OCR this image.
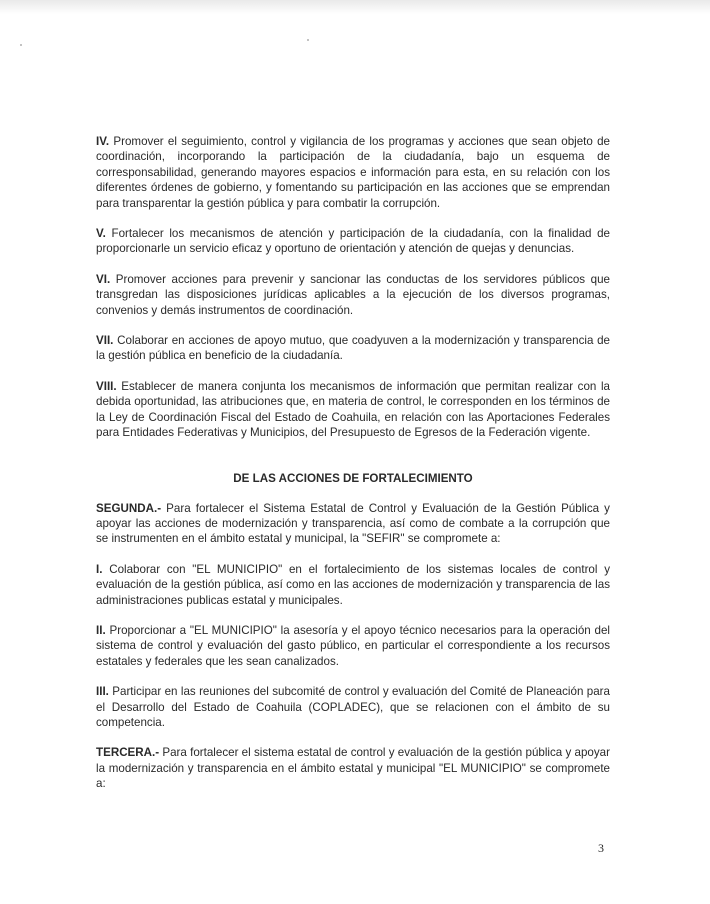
IV. Promover el seguimiento, control y vigilancia de los programas y acciones que sean objeto de coordinación, incorporando la participación de la ciudadanía, bajo un esquema de corresponsabilidad, generando mayores espacios e información para esta, en su relación con los diferentes órdenes de gobierno, y fomentando su participación en las acciones que se emprendan para transparentar la gestión pública y para combatir la corrupción.

V. Fortalecer los mecanismos de atención y participación de la ciudadanía, con la finalidad de proporcionarle un servicio eficaz y oportuno de orientación y atención de quejas y denuncias.

VI. Promover acciones para prevenir y sancionar las conductas de los servidores públicos que transgredan las disposiciones jurídicas aplicables a la ejecución de los diversos programas, convenios y demás instrumentos de coordinación.

VII. Colaborar en acciones de apoyo mutuo, que coadyuven a la modernización y transparencia de la gestión pública en beneficio de la ciudadanía.

VIII. Establecer de manera conjunta los mecanismos de información que permitan realizar con la debida oportunidad, las atribuciones que, en materia de control, le corresponden en los términos de la Ley de Coordinación Fiscal del Estado de Coahuila, en relación con las Aportaciones Federales para Entidades Federativas y Municipios, del Presupuesto de Egresos de la Federación vigente.

DE LAS ACCIONES DE FORTALECIMIENTO

SEGUNDA.- Para fortalecer el Sistema Estatal de Control y Evaluación de la Gestión Pública y apoyar las acciones de modernización y transparencia, así como de combate a la corrupción que se instrumenten en el ámbito estatal y municipal, la "SEFIR" se compromete a:

I. Colaborar con "EL MUNICIPIO" en el fortalecimiento de los sistemas locales de control y evaluación de la gestión pública, así como en las acciones de modernización y transparencia de las administraciones publicas estatal y municipales.

II. Proporcionar a "EL MUNICIPIO" la asesoría y el apoyo técnico necesarios para la operación del sistema de control y evaluación del gasto público, en particular el correspondiente a los recursos estatales y federales que les sean canalizados.

III. Participar en las reuniones del subcomité de control y evaluación del Comité de Planeación para el Desarrollo del Estado de Coahuila (COPLADEC), que se relacionen con el ámbito de su competencia.

TERCERA.- Para fortalecer el sistema estatal de control y evaluación de la gestión pública y apoyar la modernización y transparencia en el ámbito estatal y municipal "EL MUNICIPIO" se compromete a:

3
